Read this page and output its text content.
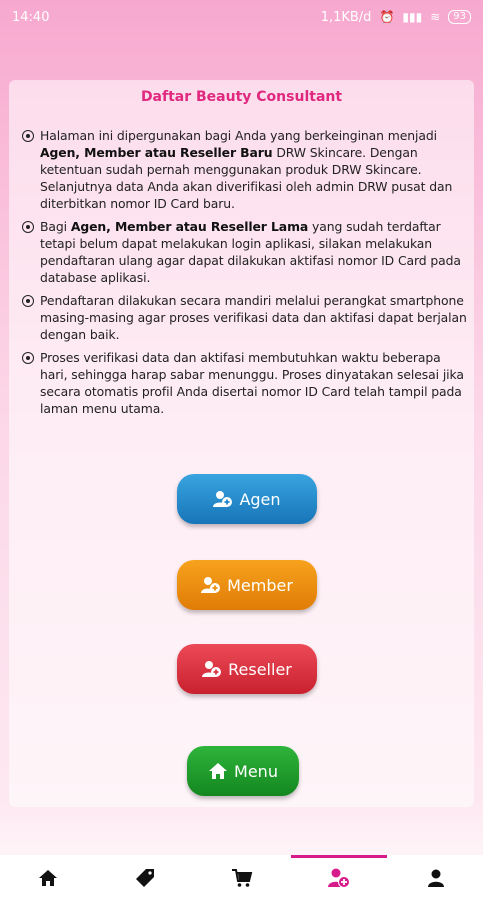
14:40	1,1KB/d ⏰ ▮▮▮ ≋	93
Daftar Beauty Consultant
Halaman ini dipergunakan bagi Anda yang berkeinginan menjadi Agen, Member atau Reseller Baru DRW Skincare. Dengan ketentuan sudah pernah menggunakan produk DRW Skincare. Selanjutnya data Anda akan diverifikasi oleh admin DRW pusat dan diterbitkan nomor ID Card baru.
Bagi Agen, Member atau Reseller Lama yang sudah terdaftar tetapi belum dapat melakukan login aplikasi, silakan melakukan pendaftaran ulang agar dapat dilakukan aktifasi nomor ID Card pada database aplikasi.
Pendaftaran dilakukan secara mandiri melalui perangkat smartphone masing-masing agar proses verifikasi data dan aktifasi dapat berjalan dengan baik.
Proses verifikasi data dan aktifasi membutuhkan waktu beberapa hari, sehingga harap sabar menunggu. Proses dinyatakan selesai jika secara otomatis profil Anda disertai nomor ID Card telah tampil pada laman menu utama.
Agen
Member
Reseller
Menu
